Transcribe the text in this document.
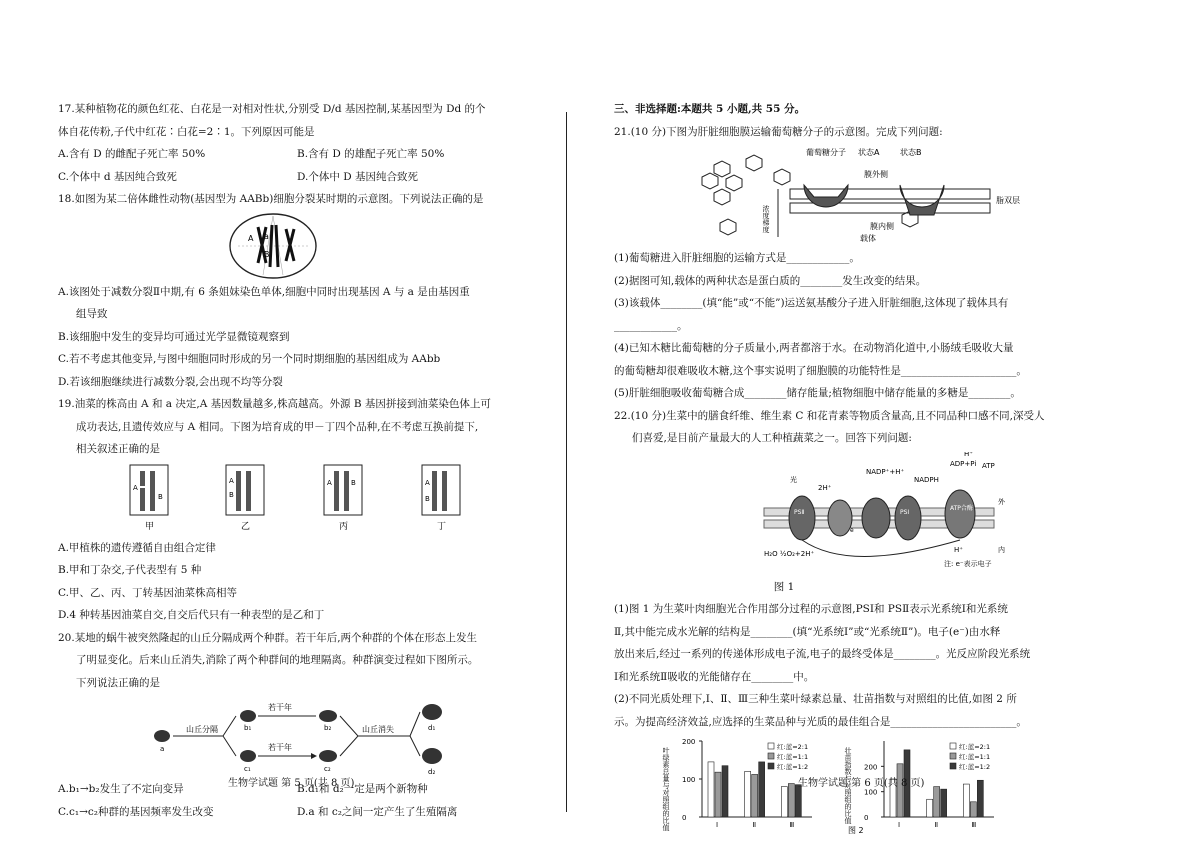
17.某种植物花的颜色红花、白花是一对相对性状,分别受 D/d 基因控制,某基因型为 Dd 的个
体自花传粉,子代中红花∶白花=2∶1。下列原因可能是
A.含有 D 的雌配子死亡率 50%	B.含有 D 的雄配子死亡率 50%
C.个体中 d 基因纯合致死	D.个体中 D 基因纯合致死
18.如图为某二倍体雌性动物(基因型为 AABb)细胞分裂某时期的示意图。下列说法正确的是
A a
B
A.该图处于减数分裂Ⅱ中期,有 6 条姐妹染色单体,细胞中同时出现基因 A 与 a 是由基因重
组导致
B.该细胞中发生的变异均可通过光学显微镜观察到
C.若不考虑其他变异,与图中细胞同时形成的另一个同时期细胞的基因组成为 AAbb
D.若该细胞继续进行减数分裂,会出现不均等分裂
19.油菜的株高由 A 和 a 决定,A 基因数量越多,株高越高。外源 B 基因拼接到油菜染色体上可
成功表达,且遗传效应与 A 相同。下图为培育成的甲－丁四个品种,在不考虑互换前提下,
相关叙述正确的是
A
B
甲
A
B
乙
A	B
丙
A
B
丁
A.甲植株的遗传遵循自由组合定律
B.甲和丁杂交,子代表型有 5 种
C.甲、乙、丙、丁转基因油菜株高相等
D.4 种转基因油菜自交,自交后代只有一种表型的是乙和丁
20.某地的蜗牛被突然隆起的山丘分隔成两个种群。若干年后,两个种群的个体在形态上发生
了明显变化。后来山丘消失,消除了两个种群间的地理隔离。种群演变过程如下图所示。
下列说法正确的是
a
山丘分隔	b₁
c₁
若干年
若干年
b₂
c₂
山丘消失	d₁
d₂
A.b₁→b₂发生了不定向变异	B.d₁和 d₂一定是两个新物种
C.c₁→c₂种群的基因频率发生改变	D.a 和 c₂之间一定产生了生殖隔离
三、非选择题:本题共 5 小题,共 55 分。
21.(10 分)下图为肝脏细胞膜运输葡萄糖分子的示意图。完成下列问题:
浓度梯度
葡萄糖分子 状态A	状态B
膜外侧
脂双层
膜内侧
载体
(1)葡萄糖进入肝脏细胞的运输方式是____________。
(2)据图可知,载体的两种状态是蛋白质的________发生改变的结果。
(3)该载体________(填“能”或“不能”)运送氨基酸分子进入肝脏细胞,这体现了载体具有
____________。
(4)已知木糖比葡萄糖的分子质量小,两者都溶于水。在动物消化道中,小肠绒毛吸收大量
的葡萄糖却很难吸收木糖,这个事实说明了细胞膜的功能特性是______________________。
(5)肝脏细胞吸收葡萄糖合成________储存能量;植物细胞中储存能量的多糖是________。
22.(10 分)生菜中的膳食纤维、维生素 C 和花青素等物质含量高,且不同品种口感不同,深受人
们喜爱,是目前产量最大的人工种植蔬菜之一。回答下列问题:
光
PSⅡ	PSⅠ
2H⁺
H₂O ½O₂+2H⁺
NADP⁺+H⁺
NADPH
ADP+Pi ATP
ATP合酶
H⁺
H⁺
外
内
注: e⁻表示电子
e
图 1
(1)图 1 为生菜叶肉细胞光合作用部分过程的示意图,PSⅠ和 PSⅡ表示光系统Ⅰ和光系统
Ⅱ,其中能完成水光解的结构是________(填“光系统Ⅰ”或“光系统Ⅱ”)。电子(e⁻)由水释
放出来后,经过一系列的传递体形成电子流,电子的最终受体是________。光反应阶段光系统
Ⅰ和光系统Ⅱ吸收的光能储存在________中。
(2)不同光质处理下,Ⅰ、Ⅱ、Ⅲ三种生菜叶绿素总量、壮苗指数与对照组的比值,如图 2 所
示。为提高经济效益,应选择的生菜品种与光质的最佳组合是________________________。
0
100
200
叶绿素总量与对照组的比值	Ⅰ	Ⅱ	Ⅲ
红:蓝=2:1
红:蓝=1:1
红:蓝=1:2
0
100
200
壮苗指数与对照组的比值
Ⅰ	Ⅱ	Ⅲ
红:蓝=2:1
红:蓝=1:1
红:蓝=1:2
图 2
生物学试题 第 5 页(共 8 页)	生物学试题 第 6 页(共 8 页)
